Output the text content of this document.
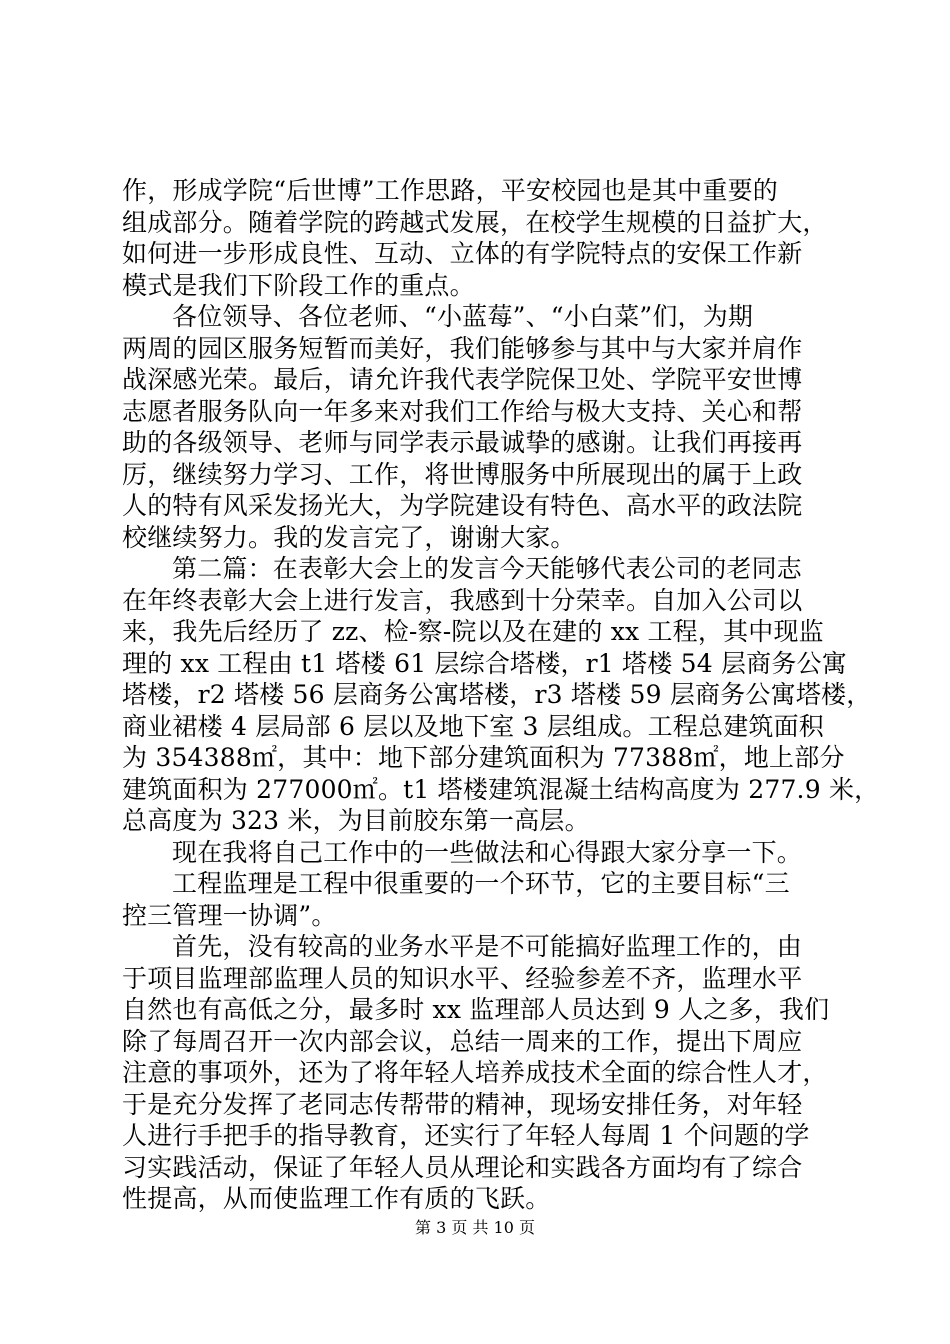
作，形成学院“后世博”工作思路，平安校园也是其中重要的
组成部分。随着学院的跨越式发展，在校学生规模的日益扩大，
如何进一步形成良性、互动、立体的有学院特点的安保工作新
模式是我们下阶段工作的重点。
各位领导、各位老师、“小蓝莓”、“小白菜”们，为期
两周的园区服务短暂而美好，我们能够参与其中与大家并肩作
战深感光荣。最后，请允许我代表学院保卫处、学院平安世博
志愿者服务队向一年多来对我们工作给与极大支持、关心和帮
助的各级领导、老师与同学表示最诚挚的感谢。让我们再接再
厉，继续努力学习、工作，将世博服务中所展现出的属于上政
人的特有风采发扬光大，为学院建设有特色、高水平的政法院
校继续努力。我的发言完了，谢谢大家。
第二篇：在表彰大会上的发言今天能够代表公司的老同志
在年终表彰大会上进行发言，我感到十分荣幸。自加入公司以
来，我先后经历了 zz、检-察-院以及在建的 xx 工程，其中现监
理的 xx 工程由 t1 塔楼 61 层综合塔楼，r1 塔楼 54 层商务公寓
塔楼，r2 塔楼 56 层商务公寓塔楼，r3 塔楼 59 层商务公寓塔楼，
商业裙楼 4 层局部 6 层以及地下室 3 层组成。工程总建筑面积
为 354388㎡，其中：地下部分建筑面积为 77388㎡，地上部分
建筑面积为 277000㎡。t1 塔楼建筑混凝土结构高度为 277.9 米，
总高度为 323 米，为目前胶东第一高层。
现在我将自己工作中的一些做法和心得跟大家分享一下。
工程监理是工程中很重要的一个环节，它的主要目标“三
控三管理一协调”。
首先，没有较高的业务水平是不可能搞好监理工作的，由
于项目监理部监理人员的知识水平、经验参差不齐，监理水平
自然也有高低之分，最多时 xx 监理部人员达到 9 人之多，我们
除了每周召开一次内部会议，总结一周来的工作，提出下周应
注意的事项外，还为了将年轻人培养成技术全面的综合性人才，
于是充分发挥了老同志传帮带的精神，现场安排任务，对年轻
人进行手把手的指导教育，还实行了年轻人每周 1 个问题的学
习实践活动，保证了年轻人员从理论和实践各方面均有了综合
性提高，从而使监理工作有质的飞跃。
第 3 页 共 10 页
